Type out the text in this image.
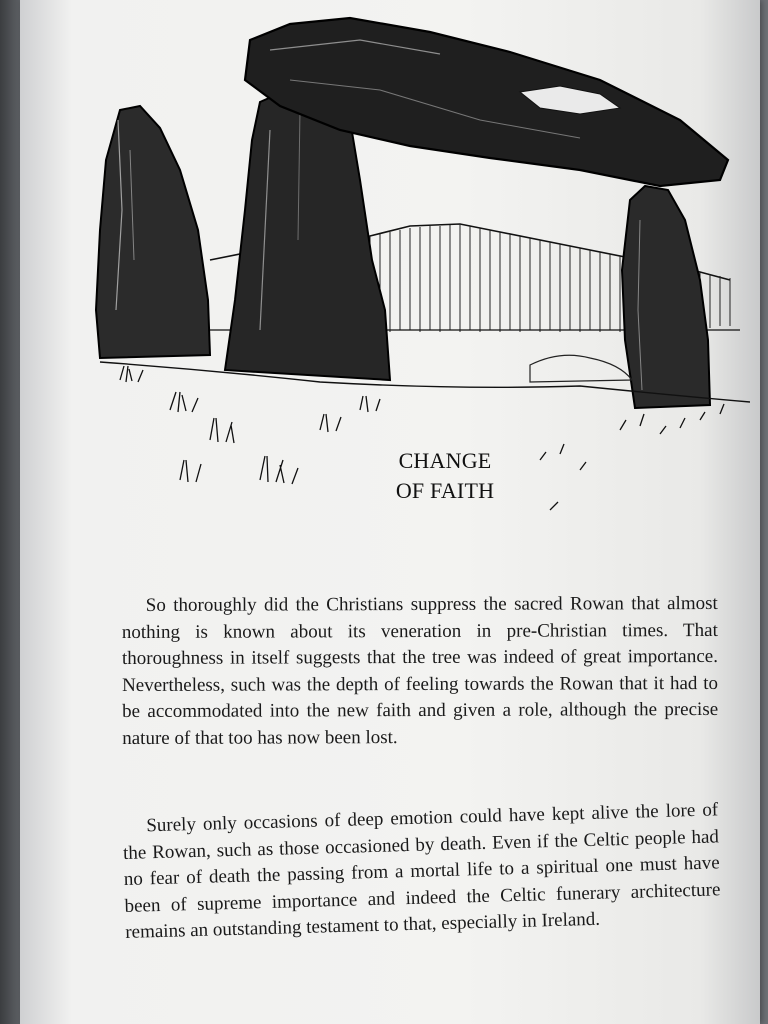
CHANGE
OF FAITH

So thoroughly did the Christians suppress the sacred Rowan that almost nothing is known about its veneration in pre-Christian times. That thoroughness in itself suggests that the tree was indeed of great importance. Nevertheless, such was the depth of feeling towards the Rowan that it had to be accommodated into the new faith and given a role, although the precise nature of that too has now been lost.

Surely only occasions of deep emotion could have kept alive the lore of the Rowan, such as those occasioned by death. Even if the Celtic people had no fear of death the passing from a mortal life to a spiritual one must have been of supreme importance and indeed the Celtic funerary architecture remains an outstanding testament to that, especially in Ireland.
